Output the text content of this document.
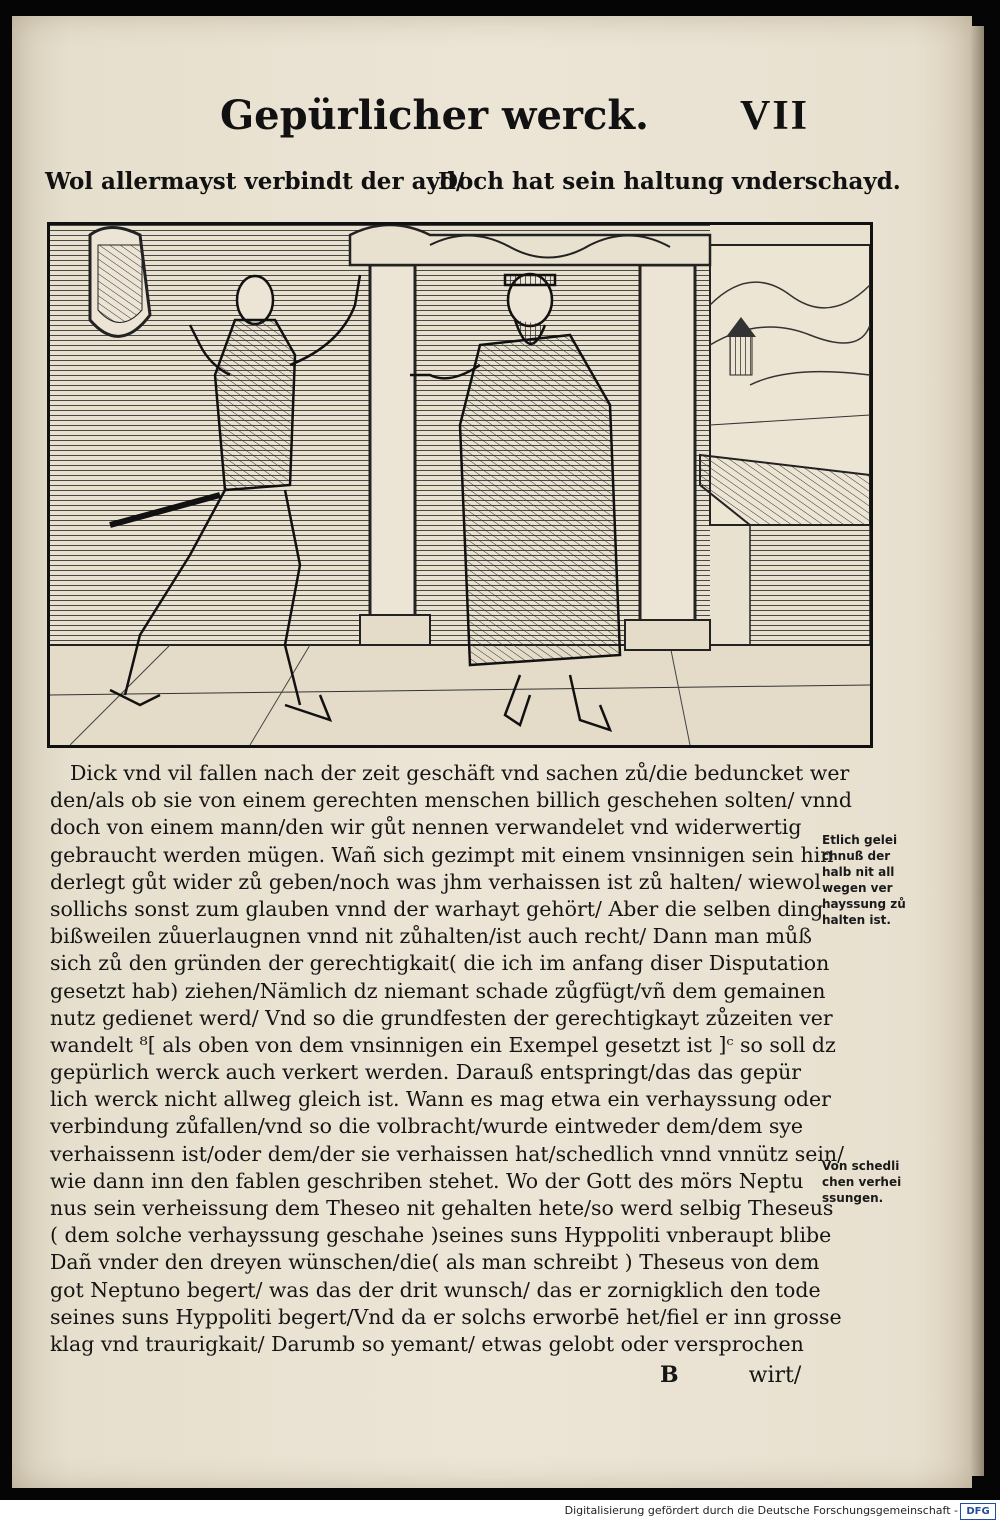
Gepürlicher werck. VII
Wol allermayst verbindt der ayd/
Doch hat sein haltung vnderschayd.
Dick vnd vil fallen nach der zeit geschäft vnd sachen zů/die beduncket wer
den/als ob sie von einem gerechten menschen billich geschehen solten/ vnnd
doch von einem mann/den wir gůt nennen verwandelet vnd widerwertig
gebraucht werden mügen. Wañ sich gezimpt mit einem vnsinnigen sein hin
derlegt gůt wider zů geben/noch was jhm verhaissen ist zů halten/ wiewol
sollichs sonst zum glauben vnnd der warhayt gehört/ Aber die selben ding
bißweilen zůuerlaugnen vnnd nit zůhalten/ist auch recht/ Dann man můß
sich zů den gründen der gerechtigkait( die ich im anfang diser Disputation
gesetzt hab) ziehen/Nämlich dz niemant schade zůgfügt/vñ dem gemainen
nutz gedienet werd/ Vnd so die grundfesten der gerechtigkayt zůzeiten ver
wandelt ⁸[ als oben von dem vnsinnigen ein Exempel gesetzt ist ]ᶜ so soll dz
gepürlich werck auch verkert werden. Darauß entspringt/das das gepür
lich werck nicht allweg gleich ist. Wann es mag etwa ein verhayssung oder
verbindung zůfallen/vnd so die volbracht/wurde eintweder dem/dem sye
verhaissenn ist/oder dem/der sie verhaissen hat/schedlich vnnd vnnütz sein/
wie dann inn den fablen geschriben stehet. Wo der Gott des mörs Neptu
nus sein verheissung dem Theseo nit gehalten hete/so werd selbig Theseus
( dem solche verhayssung geschahe )seines suns Hyppoliti vnberaupt blibe
Dañ vnder den dreyen wünschen/die( als man schreibt ) Theseus von dem
got Neptuno begert/ was das der drit wunsch/ das er zornigklich den tode
seines suns Hyppoliti begert/Vnd da er solchs erworbē het/fiel er inn grosse
klag vnd traurigkait/ Darumb so yemant/ etwas gelobt oder versprochen
B	wirt/
Etlich gelei
chnuß der
halb nit all
wegen ver
hayssung zů
halten ist.
Von schedli
chen verhei
ssungen.
Digitalisierung gefördert durch die Deutsche Forschungsgemeinschaft - DFG
